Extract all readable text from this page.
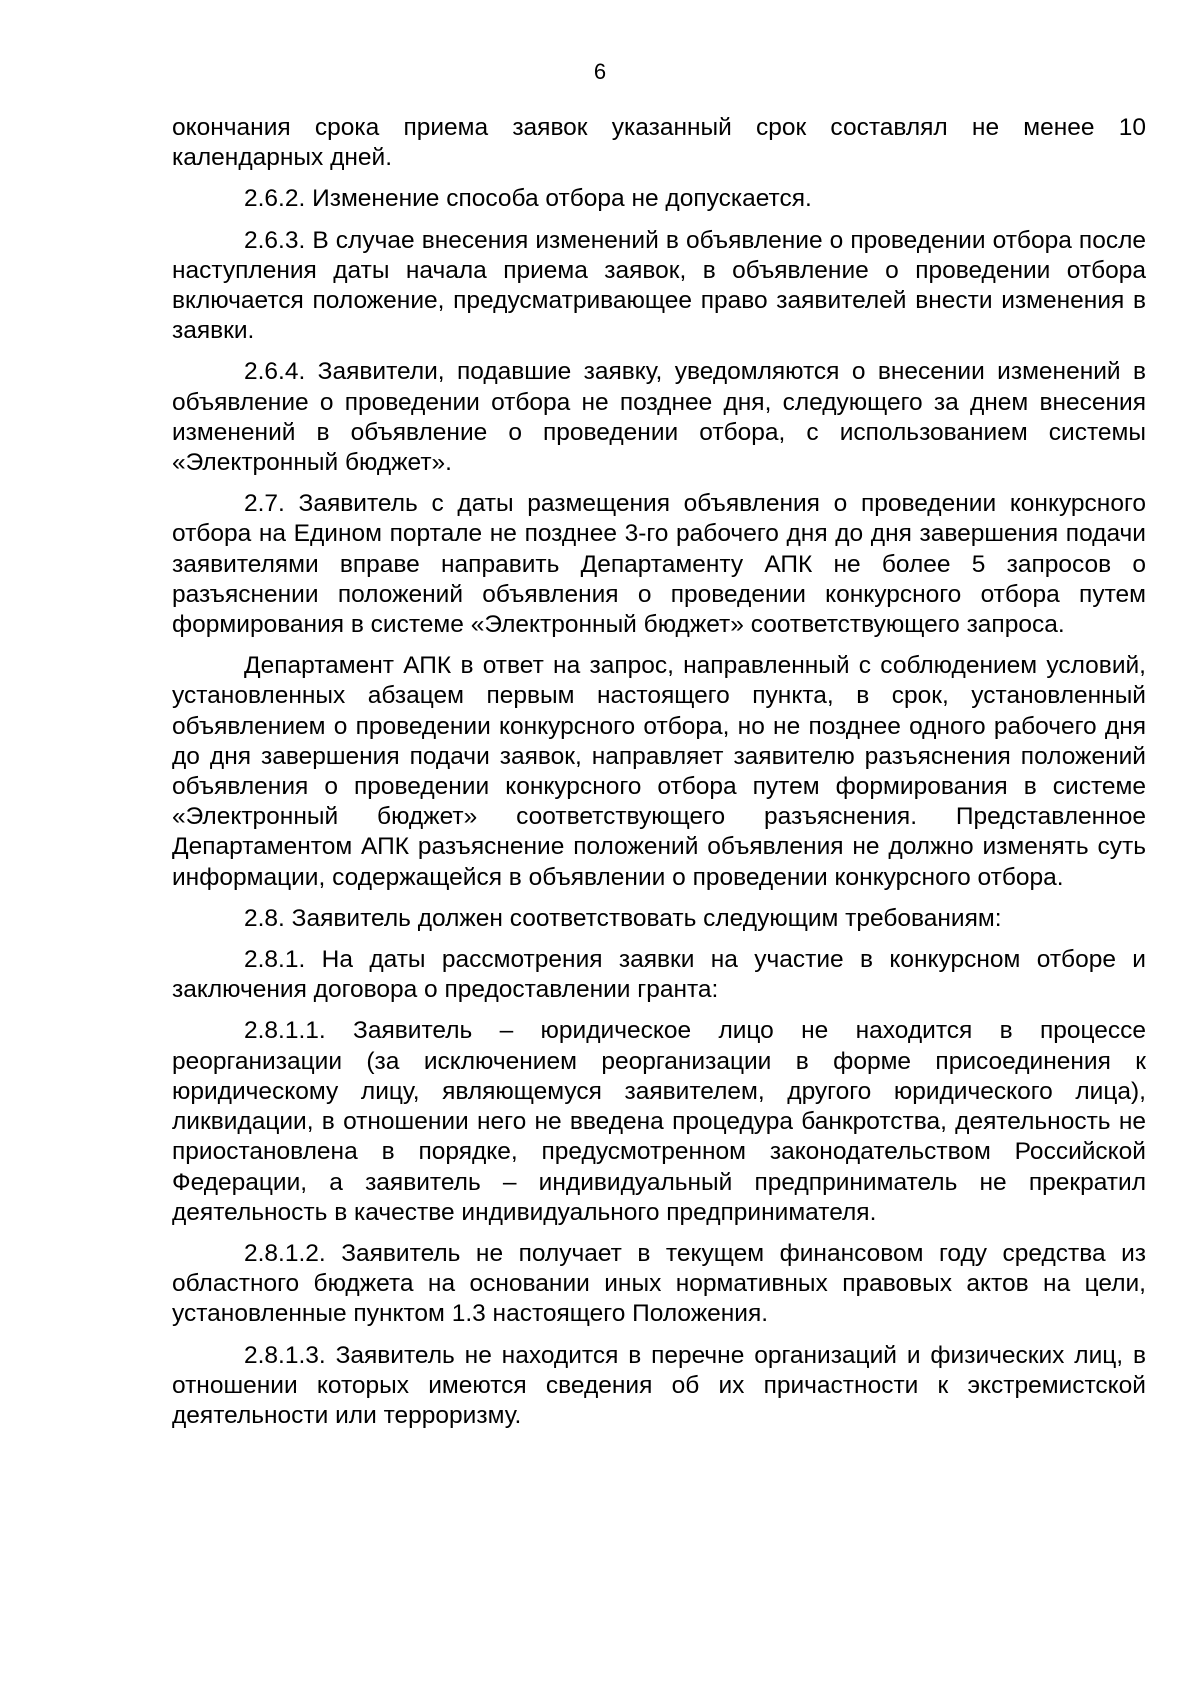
6

окончания срока приема заявок указанный срок составлял не менее 10 календарных дней.

2.6.2. Изменение способа отбора не допускается.

2.6.3. В случае внесения изменений в объявление о проведении отбора после наступления даты начала приема заявок, в объявление о проведении отбора включается положение, предусматривающее право заявителей внести изменения в заявки.

2.6.4. Заявители, подавшие заявку, уведомляются о внесении изменений в объявление о проведении отбора не позднее дня, следующего за днем внесения изменений в объявление о проведении отбора, с использованием системы «Электронный бюджет».

2.7. Заявитель с даты размещения объявления о проведении конкурсного отбора на Едином портале не позднее 3-го рабочего дня до дня завершения подачи заявителями вправе направить Департаменту АПК не более 5 запросов о разъяснении положений объявления о проведении конкурсного отбора путем формирования в системе «Электронный бюджет» соответствующего запроса.

Департамент АПК в ответ на запрос, направленный с соблюдением условий, установленных абзацем первым настоящего пункта, в срок, установленный объявлением о проведении конкурсного отбора, но не позднее одного рабочего дня до дня завершения подачи заявок, направляет заявителю разъяснения положений объявления о проведении конкурсного отбора путем формирования в системе «Электронный бюджет» соответствующего разъяснения. Представленное Департаментом АПК разъяснение положений объявления не должно изменять суть информации, содержащейся в объявлении о проведении конкурсного отбора.

2.8. Заявитель должен соответствовать следующим требованиям:

2.8.1. На даты рассмотрения заявки на участие в конкурсном отборе и заключения договора о предоставлении гранта:

2.8.1.1. Заявитель – юридическое лицо не находится в процессе реорганизации (за исключением реорганизации в форме присоединения к юридическому лицу, являющемуся заявителем, другого юридического лица), ликвидации, в отношении него не введена процедура банкротства, деятельность не приостановлена в порядке, предусмотренном законодательством Российской Федерации, а заявитель – индивидуальный предприниматель не прекратил деятельность в качестве индивидуального предпринимателя.

2.8.1.2. Заявитель не получает в текущем финансовом году средства из областного бюджета на основании иных нормативных правовых актов на цели, установленные пунктом 1.3 настоящего Положения.

2.8.1.3. Заявитель не находится в перечне организаций и физических лиц, в отношении которых имеются сведения об их причастности к экстремистской деятельности или терроризму.
